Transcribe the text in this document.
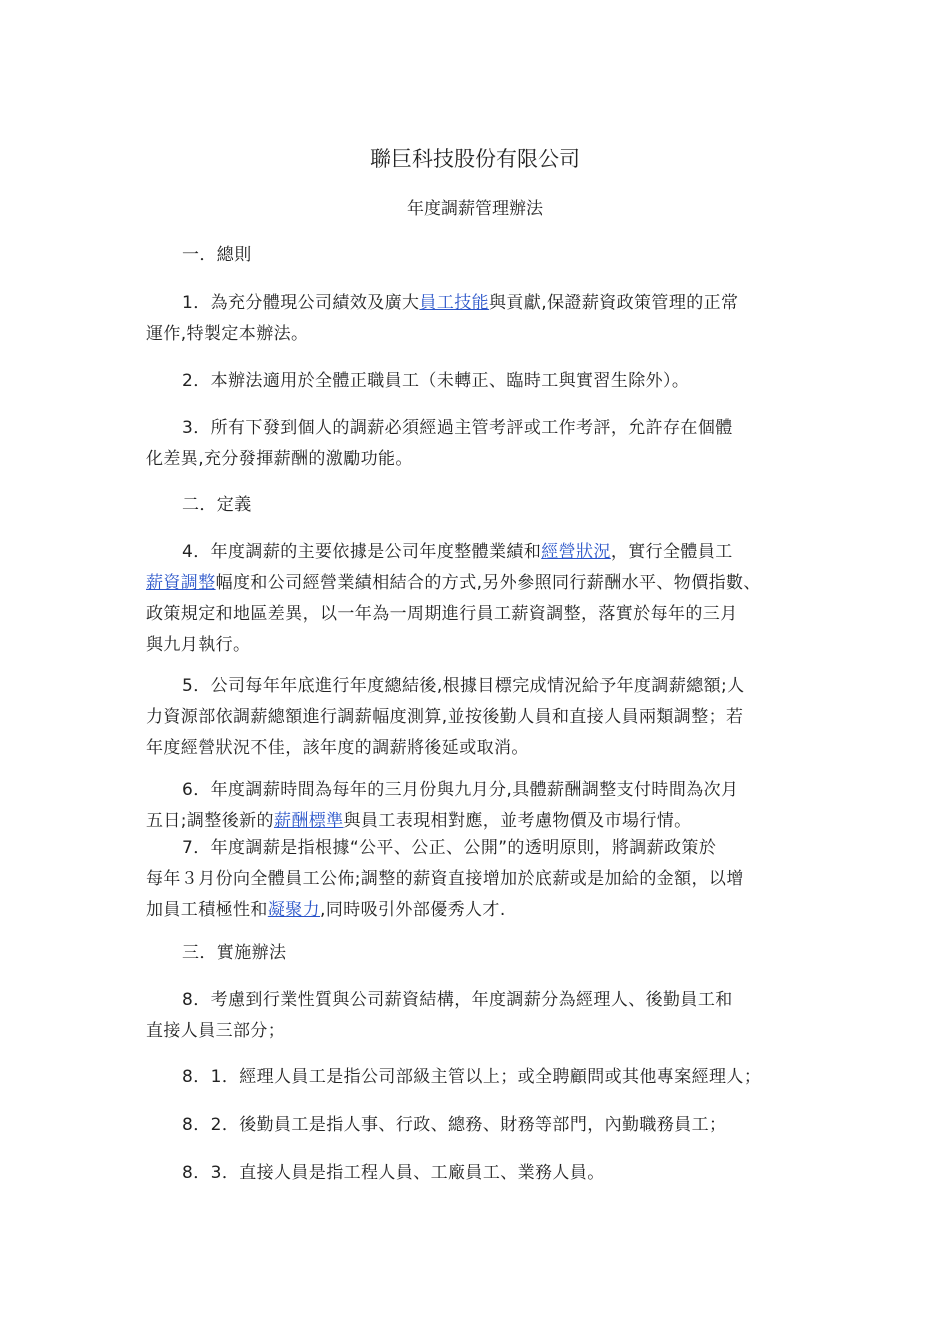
聯巨科技股份有限公司
年度調薪管理辦法
一．總則
1．為充分體現公司績效及廣大員工技能與貢獻,保證薪資政策管理的正常
運作,特製定本辦法。
2．本辦法適用於全體正職員工（未轉正、臨時工與實習生除外）。
3．所有下發到個人的調薪必須經過主管考評或工作考評，允許存在個體
化差異,充分發揮薪酬的激勵功能。
二．定義
4．年度調薪的主要依據是公司年度整體業績和經營狀況，實行全體員工
薪資調整幅度和公司經營業績相結合的方式,另外參照同行薪酬水平、物價指數、
政策規定和地區差異，以一年為一周期進行員工薪資調整，落實於每年的三月
與九月執行。
5．公司每年年底進行年度總結後,根據目標完成情況給予年度調薪總額;人
力資源部依調薪總額進行調薪幅度測算,並按後勤人員和直接人員兩類調整；若
年度經營狀況不佳，該年度的調薪將後延或取消。
6．年度調薪時間為每年的三月份與九月分,具體薪酬調整支付時間為次月
五日;調整後新的薪酬標準與員工表現相對應，並考慮物價及市場行情。
7．年度調薪是指根據“公平、公正、公開”的透明原則，將調薪政策於
每年３月份向全體員工公佈;調整的薪資直接增加於底薪或是加給的金額，以增
加員工積極性和凝聚力,同時吸引外部優秀人才.
三．實施辦法
8．考慮到行業性質與公司薪資結構，年度調薪分為經理人、後勤員工和
直接人員三部分；
8．1．經理人員工是指公司部級主管以上；或全聘顧問或其他專案經理人；
8．2．後勤員工是指人事、行政、總務、財務等部門，內勤職務員工；
8．3．直接人員是指工程人員、工廠員工、業務人員。
